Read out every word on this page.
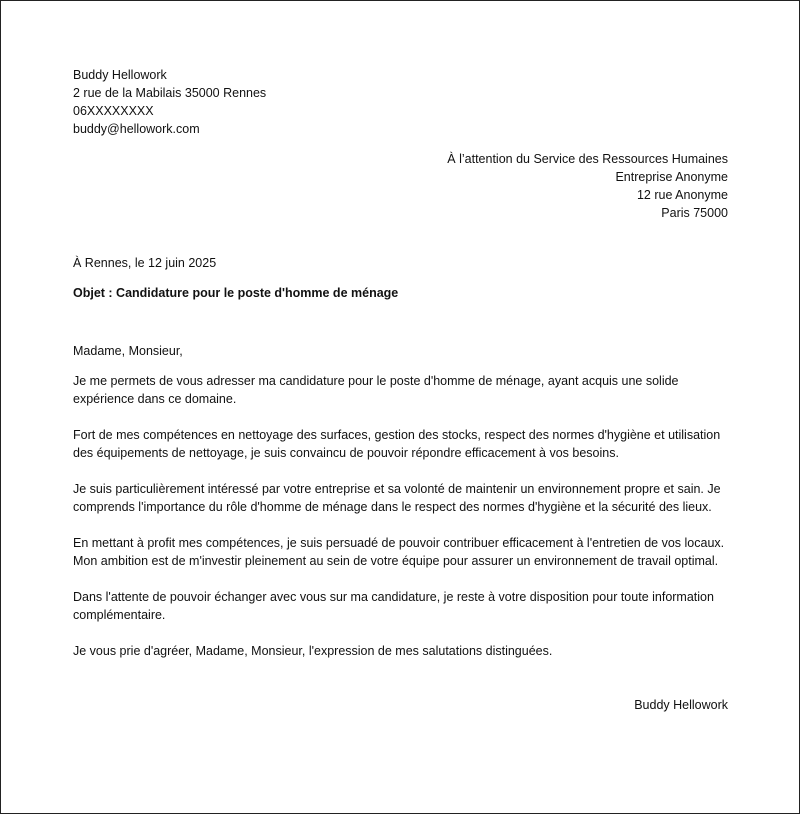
Buddy Hellowork
2 rue de la Mabilais 35000 Rennes
06XXXXXXXX
buddy@hellowork.com
À l’attention du Service des Ressources Humaines
Entreprise Anonyme
12 rue Anonyme
Paris 75000
À Rennes, le 12 juin 2025
Objet : Candidature pour le poste d'homme de ménage
Madame, Monsieur,
Je me permets de vous adresser ma candidature pour le poste d'homme de ménage, ayant acquis une solide expérience dans ce domaine.
Fort de mes compétences en nettoyage des surfaces, gestion des stocks, respect des normes d'hygiène et utilisation des équipements de nettoyage, je suis convaincu de pouvoir répondre efficacement à vos besoins.
Je suis particulièrement intéressé par votre entreprise et sa volonté de maintenir un environnement propre et sain. Je comprends l'importance du rôle d'homme de ménage dans le respect des normes d'hygiène et la sécurité des lieux.
En mettant à profit mes compétences, je suis persuadé de pouvoir contribuer efficacement à l'entretien de vos locaux. Mon ambition est de m'investir pleinement au sein de votre équipe pour assurer un environnement de travail optimal.
Dans l'attente de pouvoir échanger avec vous sur ma candidature, je reste à votre disposition pour toute information complémentaire.
Je vous prie d'agréer, Madame, Monsieur, l'expression de mes salutations distinguées.
Buddy Hellowork
